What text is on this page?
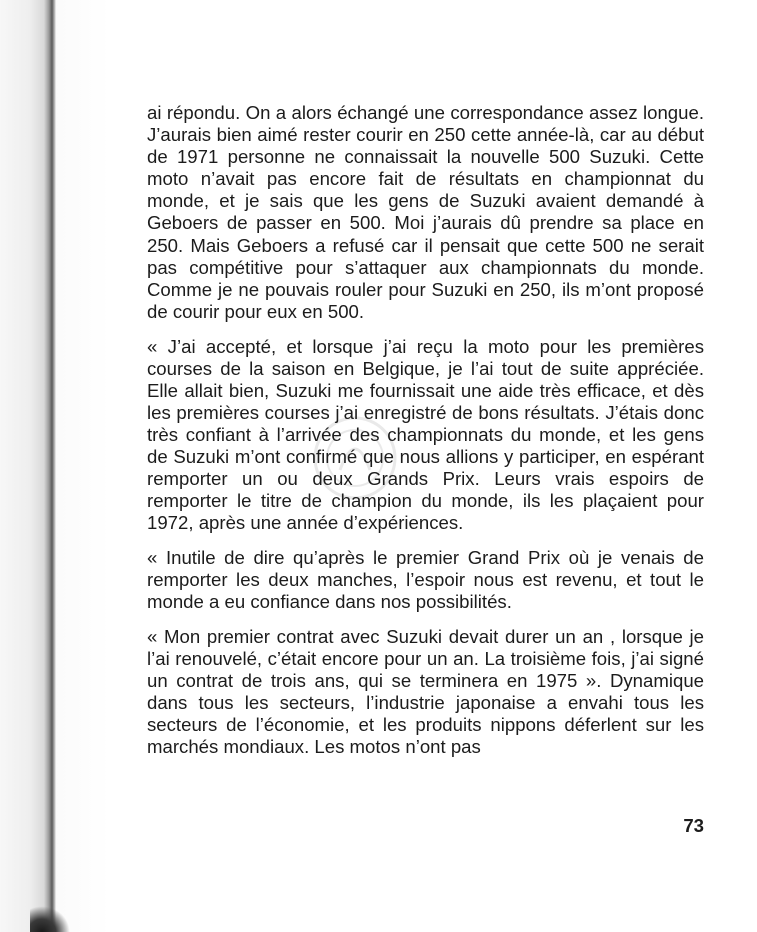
ai répondu. On a alors échangé une correspondance assez longue. J’aurais bien aimé rester courir en 250 cette année-là, car au début de 1971 personne ne connaissait la nouvelle 500 Suzuki. Cette moto n’avait pas encore fait de résultats en championnat du monde, et je sais que les gens de Suzuki avaient demandé à Geboers de passer en 500. Moi j’aurais dû prendre sa place en 250. Mais Geboers a refusé car il pensait que cette 500 ne serait pas compétitive pour s’attaquer aux championnats du monde. Comme je ne pouvais rouler pour Suzuki en 250, ils m’ont proposé de courir pour eux en 500.

« J’ai accepté, et lorsque j’ai reçu la moto pour les premières courses de la saison en Belgique, je l’ai tout de suite appréciée. Elle allait bien, Suzuki me fournissait une aide très efficace, et dès les premières courses j’ai enregistré de bons résultats. J’étais donc très confiant à l’arrivée des championnats du monde, et les gens de Suzuki m’ont confirmé que nous allions y participer, en espérant remporter un ou deux Grands Prix. Leurs vrais espoirs de remporter le titre de champion du monde, ils les plaçaient pour 1972, après une année d’expériences.

« Inutile de dire qu’après le premier Grand Prix où je venais de remporter les deux manches, l’espoir nous est revenu, et tout le monde a eu confiance dans nos possibilités.

« Mon premier contrat avec Suzuki devait durer un an , lorsque je l’ai renouvelé, c’était encore pour un an. La troisième fois, j’ai signé un contrat de trois ans, qui se terminera en 1975 ». Dynamique dans tous les secteurs, l’industrie japonaise a envahi tous les secteurs de l’économie, et les produits nippons déferlent sur les marchés mondiaux. Les motos n’ont pas

73
